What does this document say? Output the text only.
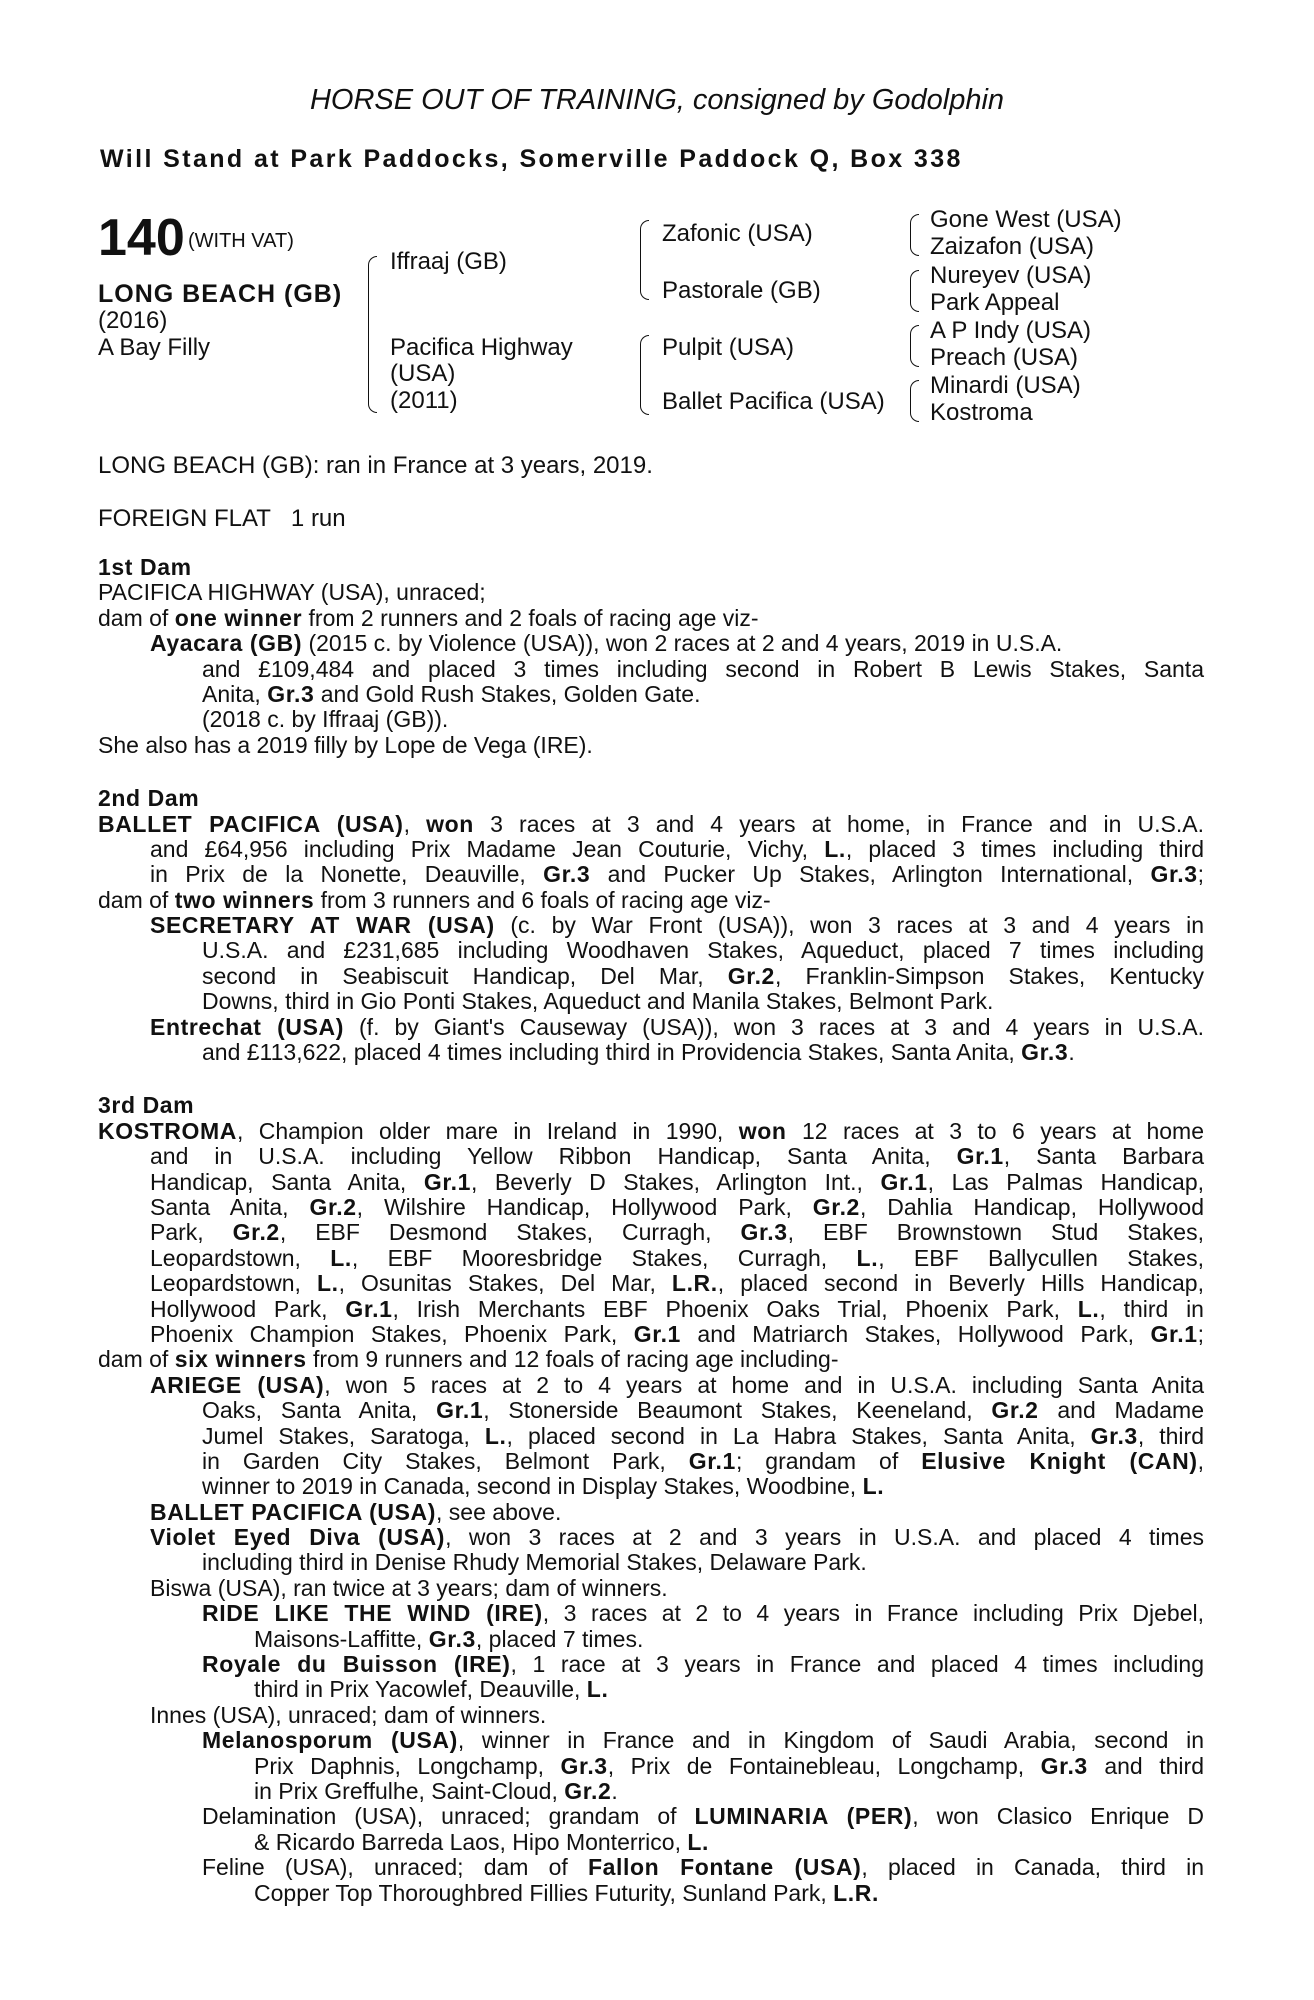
HORSE OUT OF TRAINING, consigned by Godolphin
Will Stand at Park Paddocks, Somerville Paddock Q, Box 338
140 (WITH VAT)
LONG BEACH (GB)
(2016)
A Bay Filly
Iffraaj (GB)
Pacifica Highway
(USA)
(2011)
Zafonic (USA)
Pastorale (GB)
Pulpit (USA)
Ballet Pacifica (USA)
Gone West (USA)
Zaizafon (USA)
Nureyev (USA)
Park Appeal
A P Indy (USA)
Preach (USA)
Minardi (USA)
Kostroma
LONG BEACH (GB): ran in France at 3 years, 2019.
FOREIGN FLAT 1 run
1st Dam
PACIFICA HIGHWAY (USA), unraced;
dam of one winner from 2 runners and 2 foals of racing age viz-
Ayacara (GB) (2015 c. by Violence (USA)), won 2 races at 2 and 4 years, 2019 in U.S.A.
and £109,484 and placed 3 times including second in Robert B Lewis Stakes, Santa
Anita, Gr.3 and Gold Rush Stakes, Golden Gate.
(2018 c. by Iffraaj (GB)).
She also has a 2019 filly by Lope de Vega (IRE).
2nd Dam
BALLET PACIFICA (USA), won 3 races at 3 and 4 years at home, in France and in U.S.A.
and £64,956 including Prix Madame Jean Couturie, Vichy, L., placed 3 times including third
in Prix de la Nonette, Deauville, Gr.3 and Pucker Up Stakes, Arlington International, Gr.3;
dam of two winners from 3 runners and 6 foals of racing age viz-
SECRETARY AT WAR (USA) (c. by War Front (USA)), won 3 races at 3 and 4 years in
U.S.A. and £231,685 including Woodhaven Stakes, Aqueduct, placed 7 times including
second in Seabiscuit Handicap, Del Mar, Gr.2, Franklin-Simpson Stakes, Kentucky
Downs, third in Gio Ponti Stakes, Aqueduct and Manila Stakes, Belmont Park.
Entrechat (USA) (f. by Giant's Causeway (USA)), won 3 races at 3 and 4 years in U.S.A.
and £113,622, placed 4 times including third in Providencia Stakes, Santa Anita, Gr.3.
3rd Dam
KOSTROMA, Champion older mare in Ireland in 1990, won 12 races at 3 to 6 years at home
and in U.S.A. including Yellow Ribbon Handicap, Santa Anita, Gr.1, Santa Barbara
Handicap, Santa Anita, Gr.1, Beverly D Stakes, Arlington Int., Gr.1, Las Palmas Handicap,
Santa Anita, Gr.2, Wilshire Handicap, Hollywood Park, Gr.2, Dahlia Handicap, Hollywood
Park, Gr.2, EBF Desmond Stakes, Curragh, Gr.3, EBF Brownstown Stud Stakes,
Leopardstown, L., EBF Mooresbridge Stakes, Curragh, L., EBF Ballycullen Stakes,
Leopardstown, L., Osunitas Stakes, Del Mar, L.R., placed second in Beverly Hills Handicap,
Hollywood Park, Gr.1, Irish Merchants EBF Phoenix Oaks Trial, Phoenix Park, L., third in
Phoenix Champion Stakes, Phoenix Park, Gr.1 and Matriarch Stakes, Hollywood Park, Gr.1;
dam of six winners from 9 runners and 12 foals of racing age including-
ARIEGE (USA), won 5 races at 2 to 4 years at home and in U.S.A. including Santa Anita
Oaks, Santa Anita, Gr.1, Stonerside Beaumont Stakes, Keeneland, Gr.2 and Madame
Jumel Stakes, Saratoga, L., placed second in La Habra Stakes, Santa Anita, Gr.3, third
in Garden City Stakes, Belmont Park, Gr.1; grandam of Elusive Knight (CAN),
winner to 2019 in Canada, second in Display Stakes, Woodbine, L.
BALLET PACIFICA (USA), see above.
Violet Eyed Diva (USA), won 3 races at 2 and 3 years in U.S.A. and placed 4 times
including third in Denise Rhudy Memorial Stakes, Delaware Park.
Biswa (USA), ran twice at 3 years; dam of winners.
RIDE LIKE THE WIND (IRE), 3 races at 2 to 4 years in France including Prix Djebel,
Maisons-Laffitte, Gr.3, placed 7 times.
Royale du Buisson (IRE), 1 race at 3 years in France and placed 4 times including
third in Prix Yacowlef, Deauville, L.
Innes (USA), unraced; dam of winners.
Melanosporum (USA), winner in France and in Kingdom of Saudi Arabia, second in
Prix Daphnis, Longchamp, Gr.3, Prix de Fontainebleau, Longchamp, Gr.3 and third
in Prix Greffulhe, Saint-Cloud, Gr.2.
Delamination (USA), unraced; grandam of LUMINARIA (PER), won Clasico Enrique D
& Ricardo Barreda Laos, Hipo Monterrico, L.
Feline (USA), unraced; dam of Fallon Fontane (USA), placed in Canada, third in
Copper Top Thoroughbred Fillies Futurity, Sunland Park, L.R.
